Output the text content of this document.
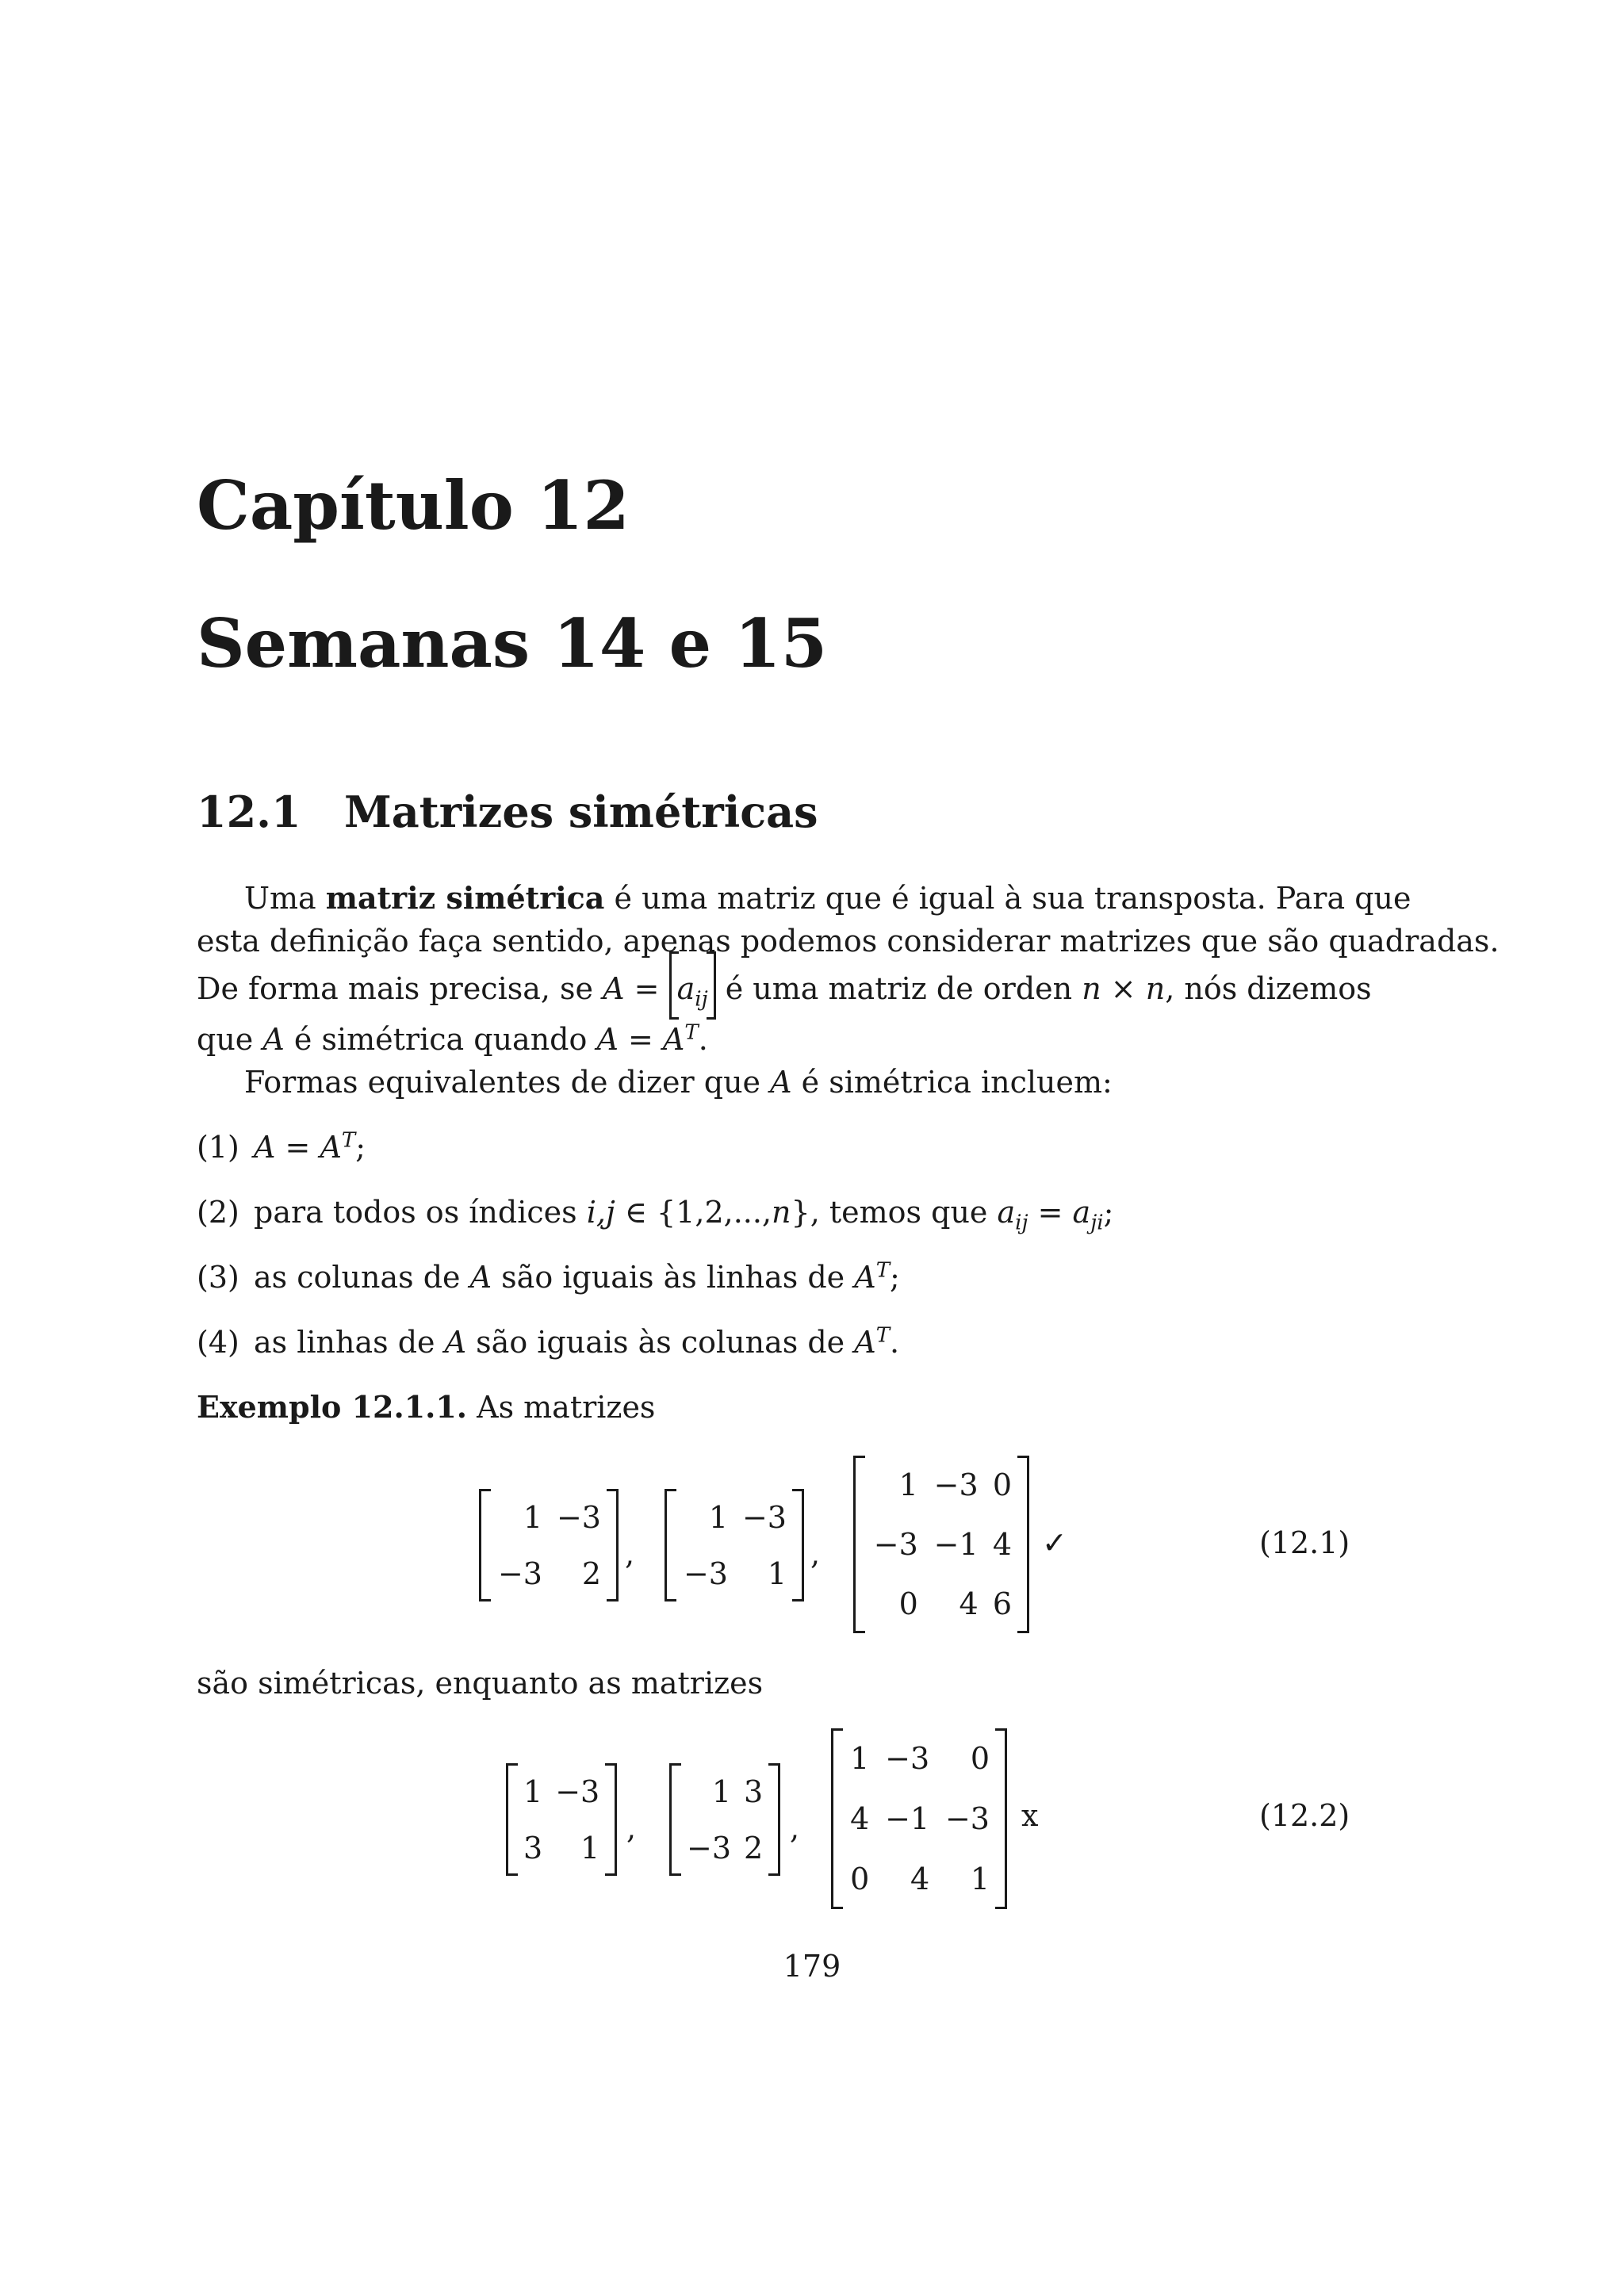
Capítulo 12
Semanas 14 e 15
12.1 Matrizes simétricas
Uma matriz simétrica é uma matriz que é igual à sua transposta. Para que
esta definição faça sentido, apenas podemos considerar matrizes que são quadradas.
De forma mais precisa, se $A = a_{ij}$ é uma matriz de orden n × n, nós dizemos
que A é simétrica quando $A = A^T$.
Formas equivalentes de dizer que A é simétrica incluem:
(1) $A = A^T$;
(2) para todos os índices i,j ∈ {1,2,...,n}, temos que $a_{ij} = a_{ji}$;
(3) as colunas de A são iguais às linhas de $A^T$;
(4) as linhas de A são iguais às colunas de $A^T$.
Exemplo 12.1.1. As matrizes
1	−3
−3	2
,
1	−3
−3	1
,
1	−3	0
−3	−1	4
0	4	6
✓	(12.1)
são simétricas, enquanto as matrizes
1	−3
3	1
,
1	3
−3	2
,
1	−3	0
4	−1	−3
0	4	1
x	(12.2)
179
